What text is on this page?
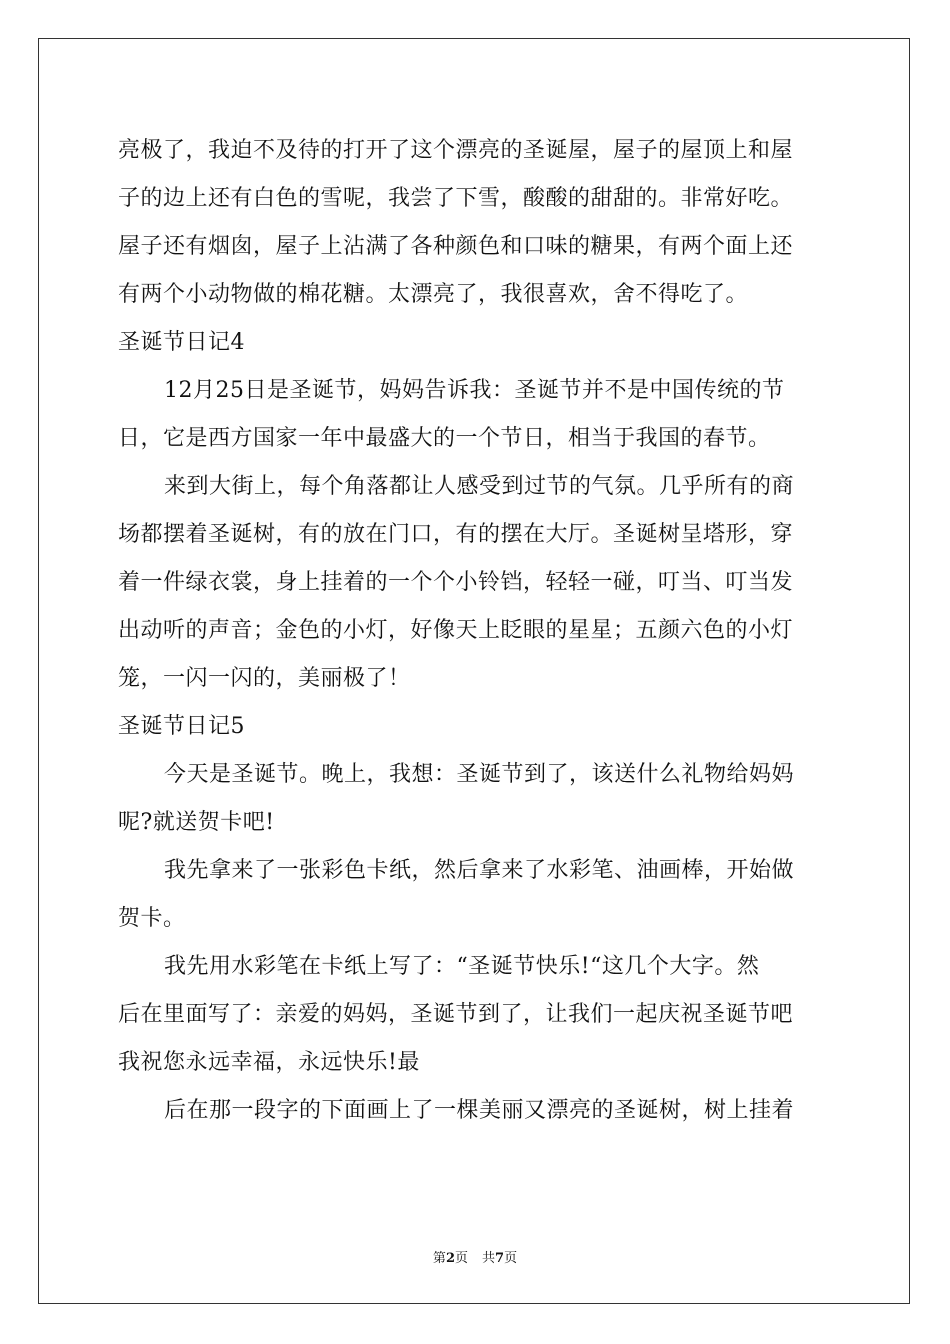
亮极了，我迫不及待的打开了这个漂亮的圣诞屋，屋子的屋顶上和屋
子的边上还有白色的雪呢，我尝了下雪，酸酸的甜甜的。非常好吃。
屋子还有烟囱，屋子上沾满了各种颜色和口味的糖果，有两个面上还
有两个小动物做的棉花糖。太漂亮了，我很喜欢，舍不得吃了。
圣诞节日记4
12月25日是圣诞节，妈妈告诉我：圣诞节并不是中国传统的节
日，它是西方国家一年中最盛大的一个节日，相当于我国的春节。
来到大街上，每个角落都让人感受到过节的气氛。几乎所有的商
场都摆着圣诞树，有的放在门口，有的摆在大厅。圣诞树呈塔形，穿
着一件绿衣裳，身上挂着的一个个小铃铛，轻轻一碰，叮当、叮当发
出动听的声音；金色的小灯，好像天上眨眼的星星；五颜六色的小灯
笼，一闪一闪的，美丽极了！
圣诞节日记5
今天是圣诞节。晚上，我想：圣诞节到了，该送什么礼物给妈妈
呢?就送贺卡吧!
我先拿来了一张彩色卡纸，然后拿来了水彩笔、油画棒，开始做
贺卡。
我先用水彩笔在卡纸上写了：“圣诞节快乐!“这几个大字。然
后在里面写了：亲爱的妈妈，圣诞节到了，让我们一起庆祝圣诞节吧
我祝您永远幸福，永远快乐!最
后在那一段字的下面画上了一棵美丽又漂亮的圣诞树，树上挂着
第2页 共7页
